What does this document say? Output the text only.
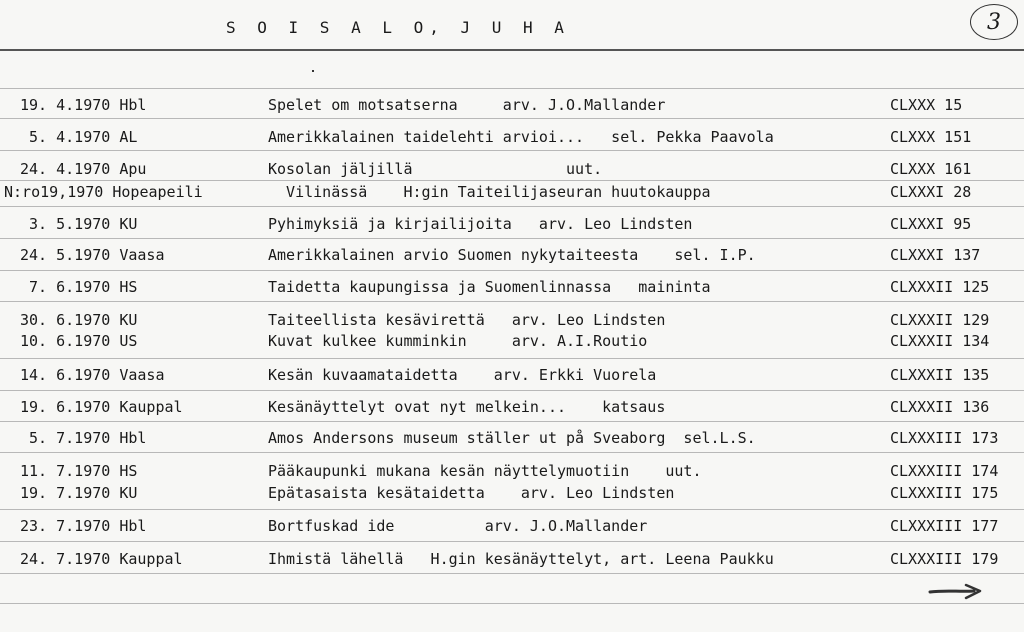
S O I S A L O, J U H A	3
19. 4.1970 Hbl	Spelet om motsatserna     arv. J.O.Mallander	CLXXX 15
5. 4.1970 AL	Amerikkalainen taidelehti arvioi...   sel. Pekka Paavola	CLXXX 151
24. 4.1970 Apu	Kosolan jäljillä                 uut.	CLXXX 161
N:ro19,1970 Hopeapeili	Vilinässä    H:gin Taiteilijaseuran huutokauppa	CLXXXI 28
3. 5.1970 KU	Pyhimyksiä ja kirjailijoita   arv. Leo Lindsten	CLXXXI 95
24. 5.1970 Vaasa	Amerikkalainen arvio Suomen nykytaiteesta    sel. I.P.	CLXXXI 137
7. 6.1970 HS	Taidetta kaupungissa ja Suomenlinnassa   maininta	CLXXXII 125
30. 6.1970 KU	Taiteellista kesävirettä   arv. Leo Lindsten	CLXXXII 129
10. 6.1970 US	Kuvat kulkee kumminkin     arv. A.I.Routio	CLXXXII 134
14. 6.1970 Vaasa	Kesän kuvaamataidetta    arv. Erkki Vuorela	CLXXXII 135
19. 6.1970 Kauppal	Kesänäyttelyt ovat nyt melkein...    katsaus	CLXXXII 136
5. 7.1970 Hbl	Amos Andersons museum ställer ut på Sveaborg  sel.L.S.	CLXXXIII 173
11. 7.1970 HS	Pääkaupunki mukana kesän näyttelymuotiin    uut.	CLXXXIII 174
19. 7.1970 KU	Epätasaista kesätaidetta    arv. Leo Lindsten	CLXXXIII 175
23. 7.1970 Hbl	Bortfuskad ide          arv. J.O.Mallander	CLXXXIII 177
24. 7.1970 Kauppal	Ihmistä lähellä   H.gin kesänäyttelyt, art. Leena Paukku	CLXXXIII 179
